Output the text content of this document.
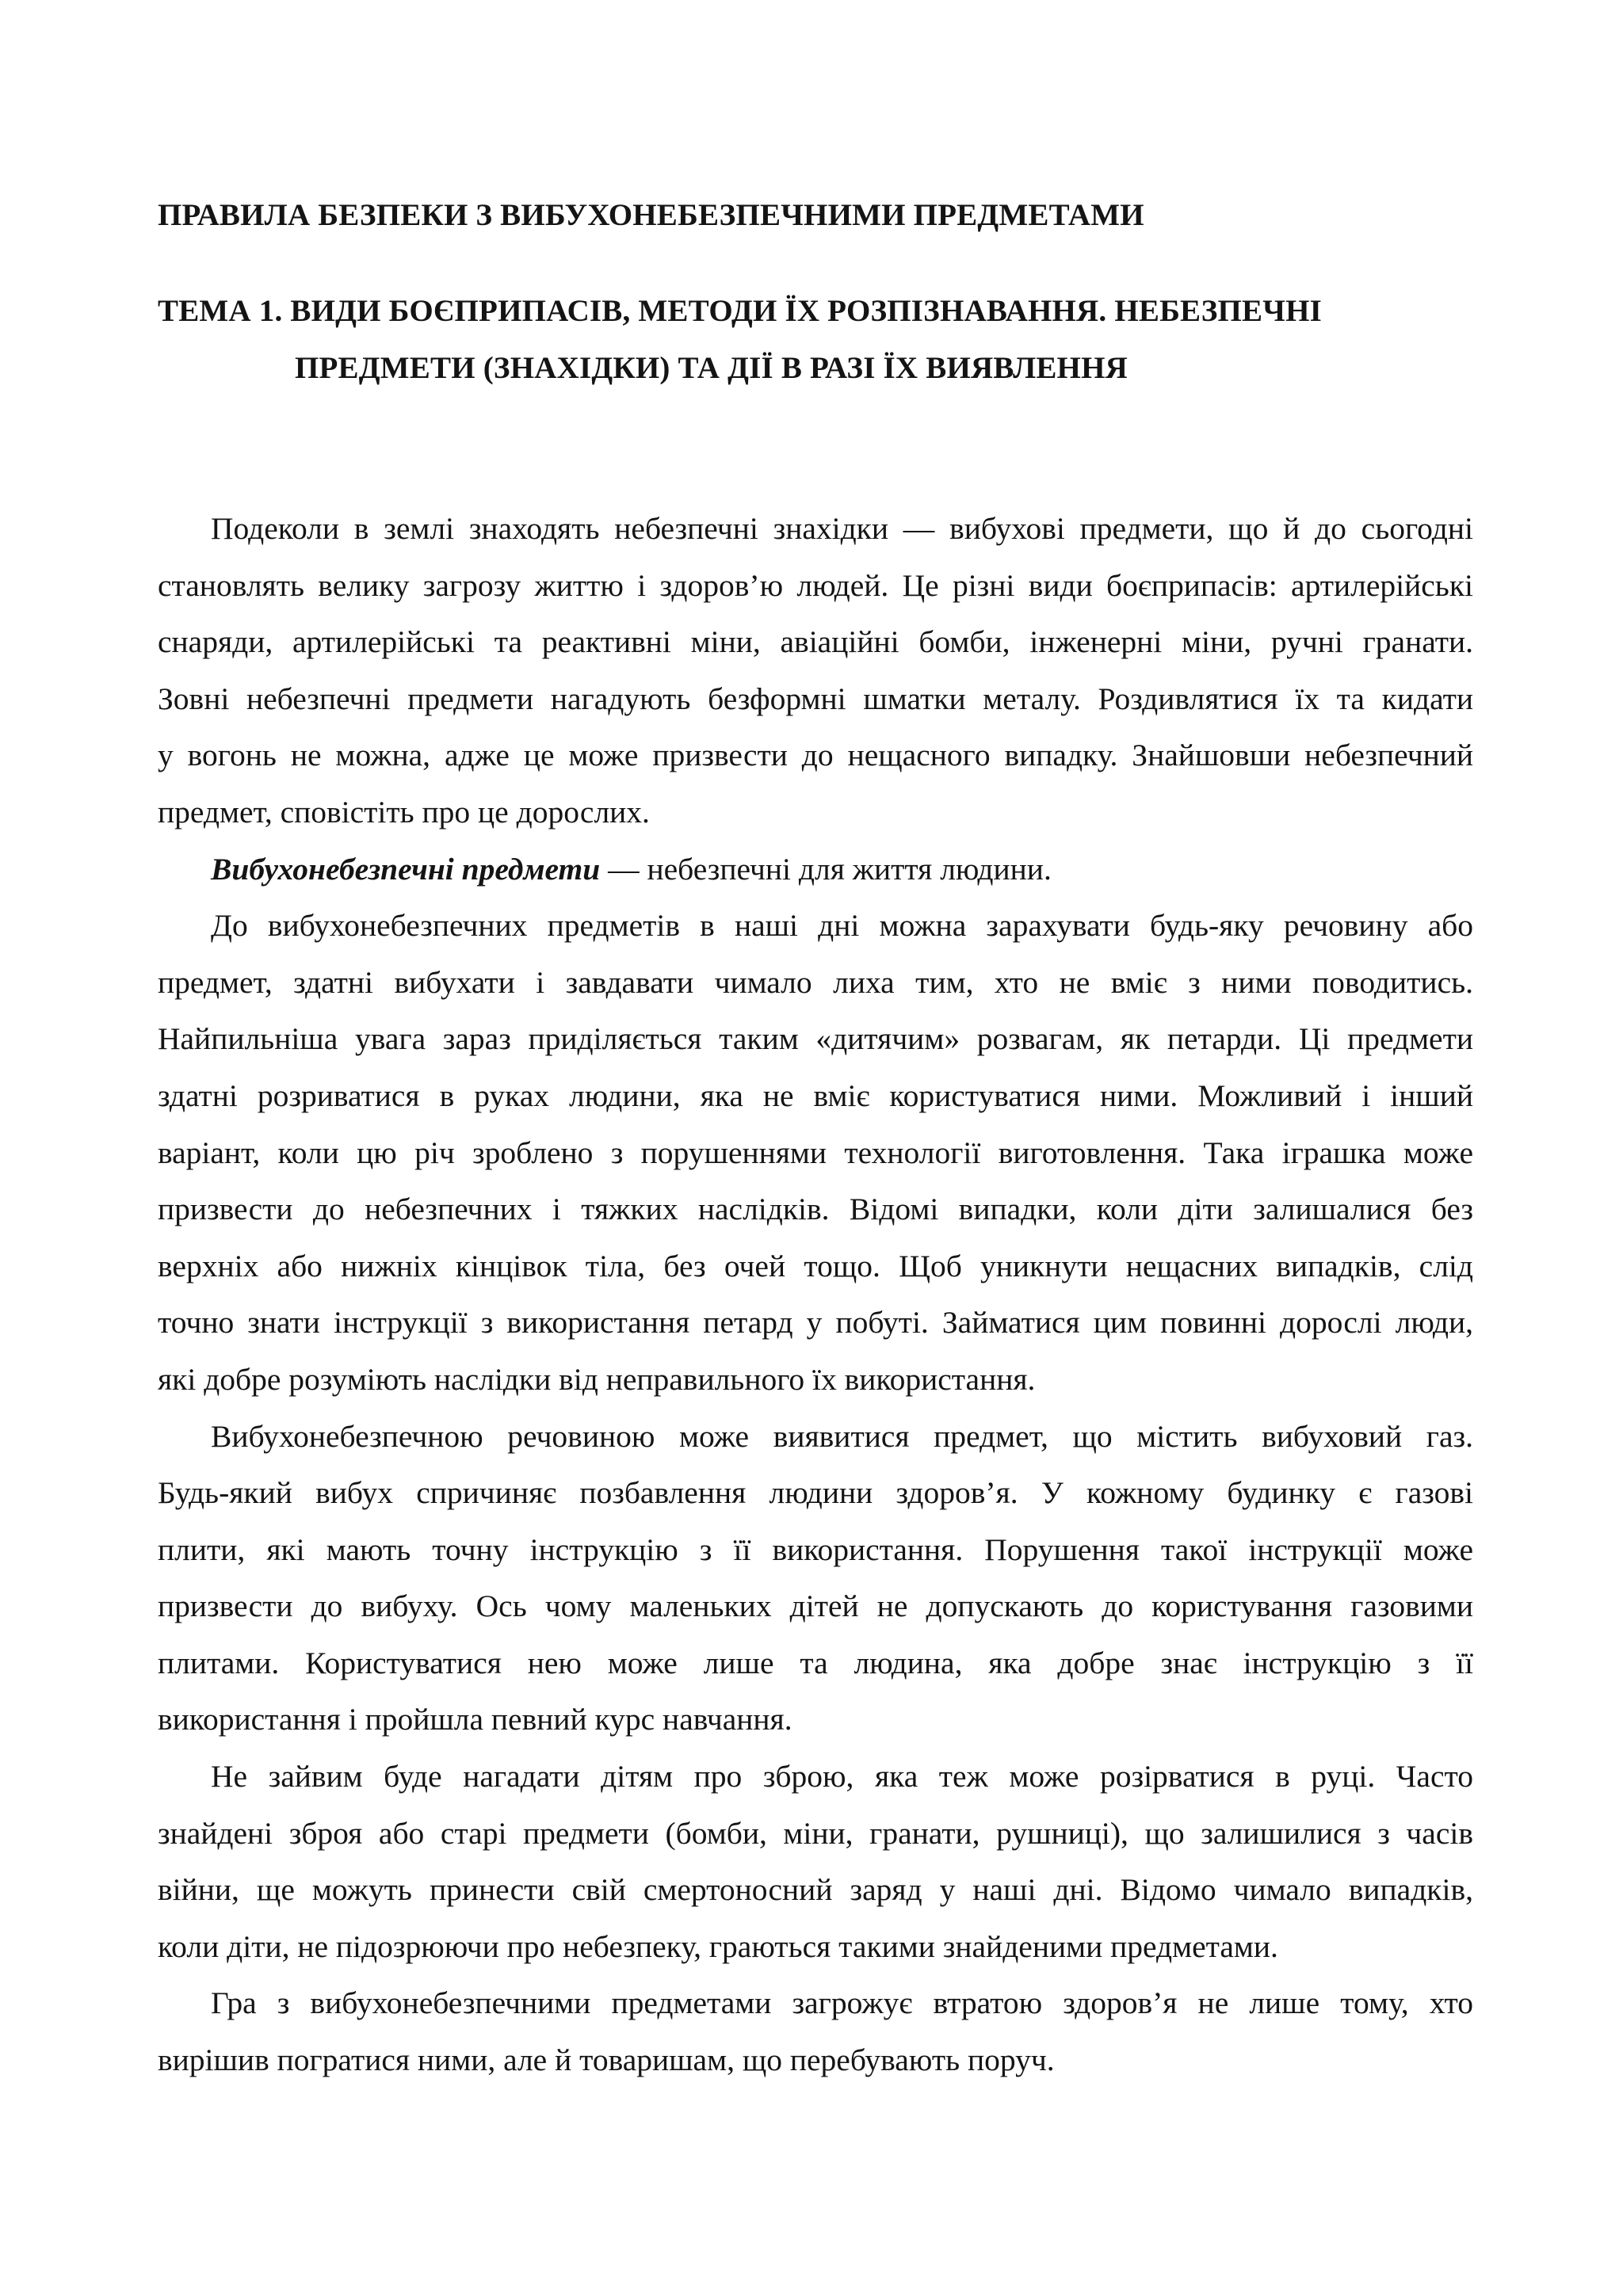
ПРАВИЛА БЕЗПЕКИ З ВИБУХОНЕБЕЗПЕЧНИМИ ПРЕДМЕТАМИ
ТЕМА 1. ВИДИ БОЄПРИПАСІВ, МЕТОДИ ЇХ РОЗПІЗНАВАННЯ. НЕБЕЗПЕЧНІ
ПРЕДМЕТИ (ЗНАХІДКИ) ТА ДІЇ В РАЗІ ЇХ ВИЯВЛЕННЯ

Подеколи в землі знаходять небезпечні знахідки — вибухові предмети, що й до сьогодні
становлять велику загрозу життю і здоров’ю людей. Це різні види боєприпасів: артилерійські
снаряди, артилерійські та реактивні міни, авіаційні бомби, інженерні міни, ручні гранати.
Зовні небезпечні предмети нагадують безформні шматки металу. Роздивлятися їх та кидати
у вогонь не можна, адже це може призвести до нещасного випадку. Знайшовши небезпечний
предмет, сповістіть про це дорослих.

Вибухонебезпечні предмети — небезпечні для життя людини.

До вибухонебезпечних предметів в наші дні можна зарахувати будь-яку речовину або
предмет, здатні вибухати і завдавати чимало лиха тим, хто не вміє з ними поводитись.
Найпильніша увага зараз приділяється таким «дитячим» розвагам, як петарди. Ці предмети
здатні розриватися в руках людини, яка не вміє користуватися ними. Можливий і інший
варіант, коли цю річ зроблено з порушеннями технології виготовлення. Така іграшка може
призвести до небезпечних і тяжких наслідків. Відомі випадки, коли діти залишалися без
верхніх або нижніх кінцівок тіла, без очей тощо. Щоб уникнути нещасних випадків, слід
точно знати інструкції з використання петард у побуті. Займатися цим повинні дорослі люди,
які добре розуміють наслідки від неправильного їх використання.

Вибухонебезпечною речовиною може виявитися предмет, що містить вибуховий газ.
Будь-який вибух спричиняє позбавлення людини здоров’я. У кожному будинку є газові
плити, які мають точну інструкцію з її використання. Порушення такої інструкції може
призвести до вибуху. Ось чому маленьких дітей не допускають до користування газовими
плитами. Користуватися нею може лише та людина, яка добре знає інструкцію з її
використання і пройшла певний курс навчання.

Не зайвим буде нагадати дітям про зброю, яка теж може розірватися в руці. Часто
знайдені зброя або старі предмети (бомби, міни, гранати, рушниці), що залишилися з часів
війни, ще можуть принести свій смертоносний заряд у наші дні. Відомо чимало випадків,
коли діти, не підозрюючи про небезпеку, граються такими знайденими предметами.

Гра з вибухонебезпечними предметами загрожує втратою здоров’я не лише тому, хто
вирішив погратися ними, але й товаришам, що перебувають поруч.
